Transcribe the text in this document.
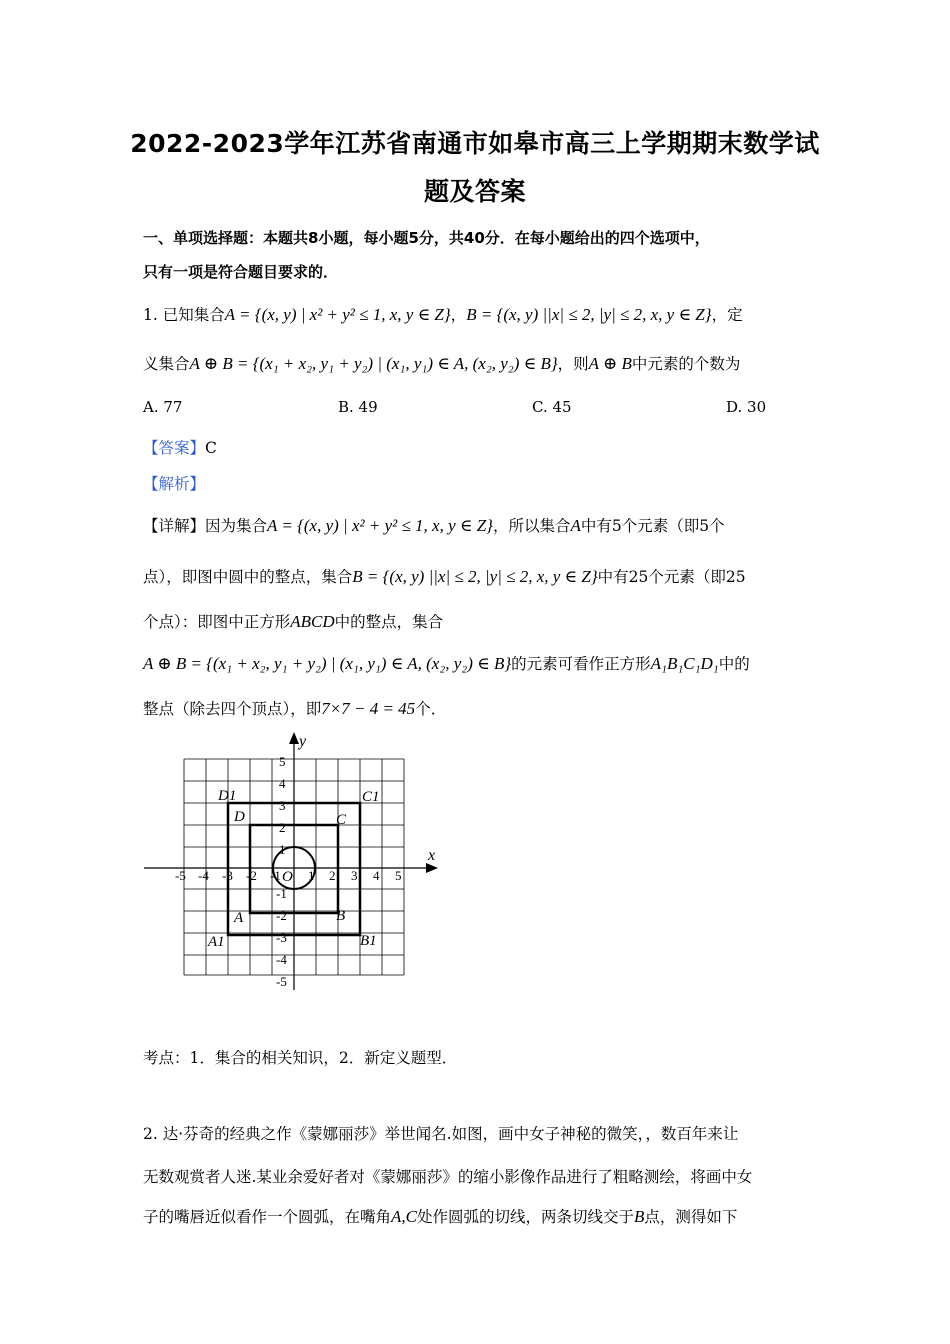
2022-2023学年江苏省南通市如皋市高三上学期期末数学试
题及答案
一、单项选择题：本题共8小题，每小题5分，共40分．在每小题给出的四个选项中，
只有一项是符合题目要求的．
1. 已知集合A = {(x, y) | x² + y² ≤ 1, x, y ∈ Z}，B = {(x, y) ||x| ≤ 2, |y| ≤ 2, x, y ∈ Z}，定
义集合A ⊕ B = {(x₁ + x₂, y₁ + y₂) | (x₁, y₁) ∈ A, (x₂, y₂) ∈ B}，则A ⊕ B中元素的个数为
A. 77	B. 49	C. 45	D. 30
【答案】C
【解析】
【详解】因为集合A = {(x, y) | x² + y² ≤ 1, x, y ∈ Z}，所以集合A中有5个元素（即5个
点），即图中圆中的整点，集合B = {(x, y) ||x| ≤ 2, |y| ≤ 2, x, y ∈ Z}中有25个元素（即25
个点）：即图中正方形ABCD中的整点，集合
A ⊕ B = {(x₁ + x₂, y₁ + y₂) | (x₁, y₁) ∈ A, (x₂, y₂) ∈ B}的元素可看作正方形A₁B₁C₁D₁中的
整点（除去四个顶点），即7×7 − 4 = 45个．
x
y
-5 -4 -3 -2 -1 O 1 2 3 4 5
5
4
3
2
1
-1
-2
-3
-4
-5
A	B
C
D
A1	B1
C1
D1
考点：1．集合的相关知识，2．新定义题型．
2. 达·芬奇的经典之作《蒙娜丽莎》举世闻名.如图，画中女子神秘的微笑，，数百年来让
无数观赏者人迷.某业余爱好者对《蒙娜丽莎》的缩小影像作品进行了粗略测绘，将画中女
子的嘴唇近似看作一个圆弧，在嘴角A,C处作圆弧的切线，两条切线交于B点，测得如下
